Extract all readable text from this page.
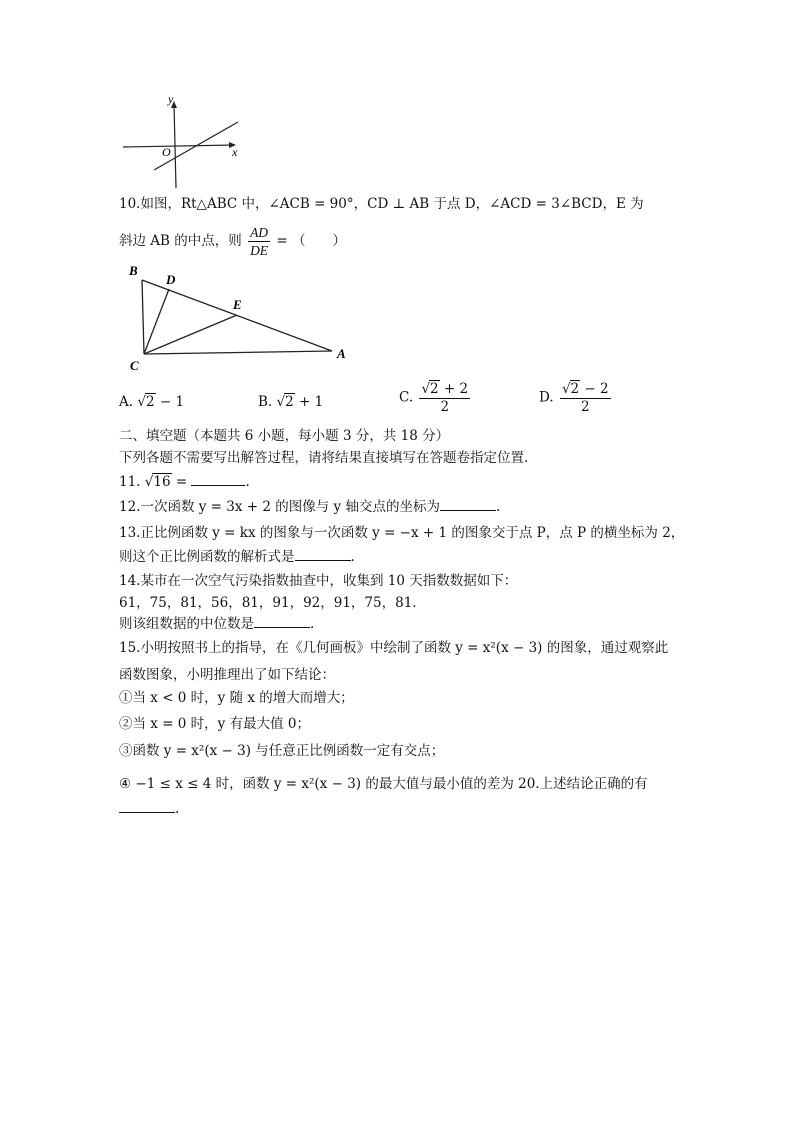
y
x
O
10.如图，Rt△ABC 中，∠ACB = 90°，CD ⊥ AB 于点 D，∠ACD = 3∠BCD，E 为
斜边 AB 的中点，则 $\frac{AD}{DE}$ = （　　）
B
D
E
C
A
A. √2 − 1	B. √2 + 1	C. $\frac{√2 + 2}{2}$	D. $\frac{√2 - 2}{2}$
二、填空题（本题共 6 小题，每小题 3 分，共 18 分）
下列各题不需要写出解答过程，请将结果直接填写在答题卷指定位置.
11. √16 =	.
12.一次函数 y = 3x + 2 的图像与 y 轴交点的坐标为	.
13.正比例函数 y = kx 的图象与一次函数 y = −x + 1 的图象交于点 P，点 P 的横坐标为 2，
则这个正比例函数的解析式是	.
14.某市在一次空气污染指数抽查中，收集到 10 天指数数据如下：
61，75，81，56，81，91，92，91，75，81.
则该组数据的中位数是	.
15.小明按照书上的指导，在《几何画板》中绘制了函数 y = x²(x − 3) 的图象，通过观察此
函数图象，小明推理出了如下结论：
①当 x < 0 时，y 随 x 的增大而增大；
②当 x = 0 时，y 有最大值 0；
③函数 y = x²(x − 3) 与任意正比例函数一定有交点；
④ −1 ≤ x ≤ 4 时，函数 y = x²(x − 3) 的最大值与最小值的差为 20.上述结论正确的有
.
